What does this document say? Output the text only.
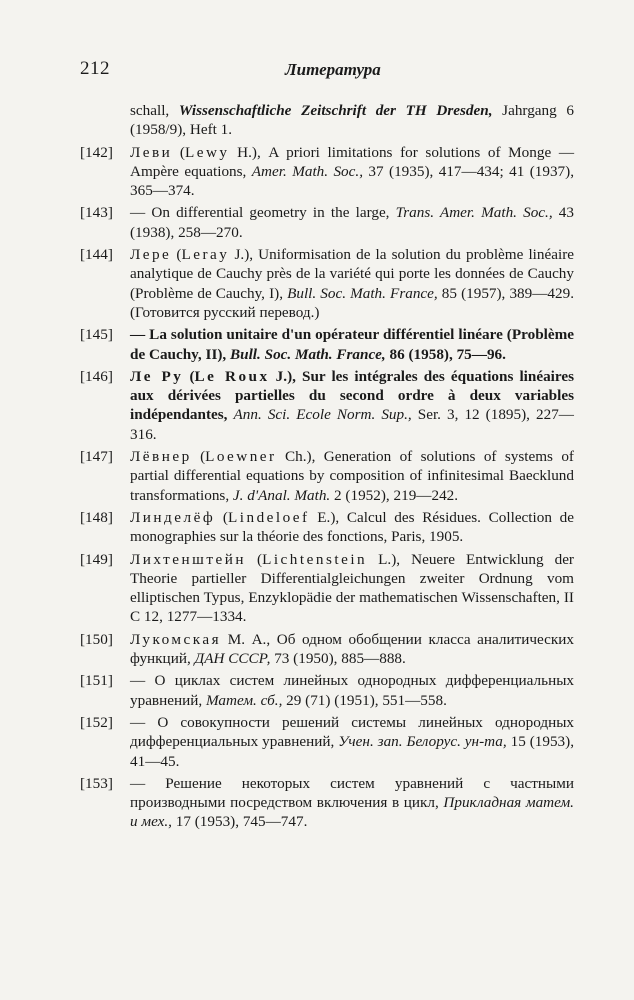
212	Литература
schall, Wissenschaftliche Zeitschrift der TH Dresden, Jahrgang 6 (1958/9), Heft 1.
[142]	Леви (Lewy H.), A priori limitations for solutions of Monge — Ampère equations, Amer. Math. Soc., 37 (1935), 417—434; 41 (1937), 365—374.
[143]	— On differential geometry in the large, Trans. Amer. Math. Soc., 43 (1938), 258—270.
[144]	Лере (Leray J.), Uniformisation de la solution du problème linéaire analytique de Cauchy près de la variété qui porte les données de Cauchy (Problème de Cauchy, I), Bull. Soc. Math. France, 85 (1957), 389—429. (Готовится русский перевод.)
[145]	— La solution unitaire d'un opérateur différentiel linéare (Problème de Cauchy, II), Bull. Soc. Math. France, 86 (1958), 75—96.
[146]	Ле Ру (Le Roux J.), Sur les intégrales des équations linéaires aux dérivées partielles du second ordre à deux variables indépendantes, Ann. Sci. Ecole Norm. Sup., Ser. 3, 12 (1895), 227—316.
[147]	Лёвнер (Loewner Ch.), Generation of solutions of systems of partial differential equations by composition of infinitesimal Baecklund transformations, J. d'Anal. Math. 2 (1952), 219—242.
[148]	Линделёф (Lindeloef E.), Calcul des Résidues. Collection de monographies sur la théorie des fonctions, Paris, 1905.
[149]	Лихтенштейн (Lichtenstein L.), Neuere Entwicklung der Theorie partieller Differentialgleichungen zweiter Ordnung vom elliptischen Typus, Enzyklopädie der mathematischen Wissenschaften, II C 12, 1277—1334.
[150]	Лукомская М. А., Об одном обобщении класса аналитических функций, ДАН СССР, 73 (1950), 885—888.
[151]	— О циклах систем линейных однородных дифференциальных уравнений, Матем. сб., 29 (71) (1951), 551—558.
[152]	— О совокупности решений системы линейных однородных дифференциальных уравнений, Учен. зап. Белорус. ун-та, 15 (1953), 41—45.
[153]	— Решение некоторых систем уравнений с частными производными посредством включения в цикл, Прикладная матем. и мех., 17 (1953), 745—747.
